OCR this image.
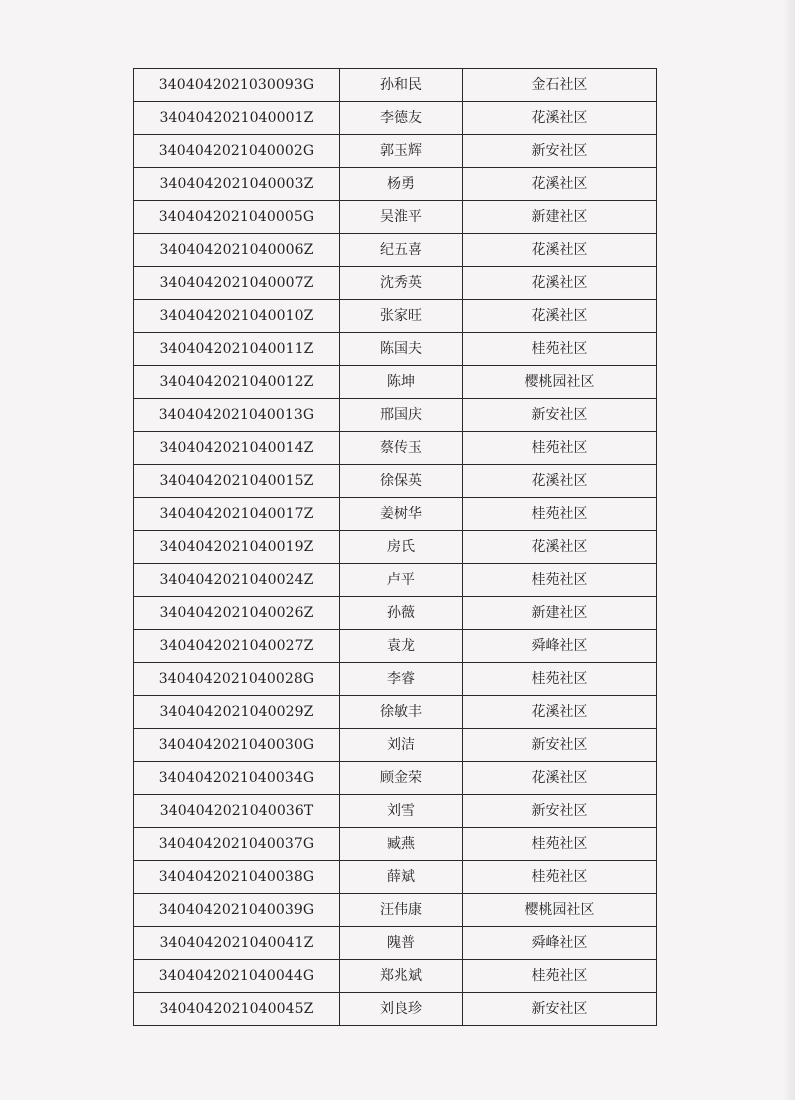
3404042021030093G	孙和民	金石社区
3404042021040001Z	李德友	花溪社区
3404042021040002G	郭玉辉	新安社区
3404042021040003Z	杨勇	花溪社区
3404042021040005G	吴淮平	新建社区
3404042021040006Z	纪五喜	花溪社区
3404042021040007Z	沈秀英	花溪社区
3404042021040010Z	张家旺	花溪社区
3404042021040011Z	陈国夫	桂苑社区
3404042021040012Z	陈坤	樱桃园社区
3404042021040013G	邢国庆	新安社区
3404042021040014Z	蔡传玉	桂苑社区
3404042021040015Z	徐保英	花溪社区
3404042021040017Z	姜树华	桂苑社区
3404042021040019Z	房氏	花溪社区
3404042021040024Z	卢平	桂苑社区
3404042021040026Z	孙薇	新建社区
3404042021040027Z	袁龙	舜峰社区
3404042021040028G	李睿	桂苑社区
3404042021040029Z	徐敏丰	花溪社区
3404042021040030G	刘洁	新安社区
3404042021040034G	顾金荣	花溪社区
3404042021040036T	刘雪	新安社区
3404042021040037G	臧燕	桂苑社区
3404042021040038G	薛斌	桂苑社区
3404042021040039G	汪伟康	樱桃园社区
3404042021040041Z	隗普	舜峰社区
3404042021040044G	郑兆斌	桂苑社区
3404042021040045Z	刘良珍	新安社区
